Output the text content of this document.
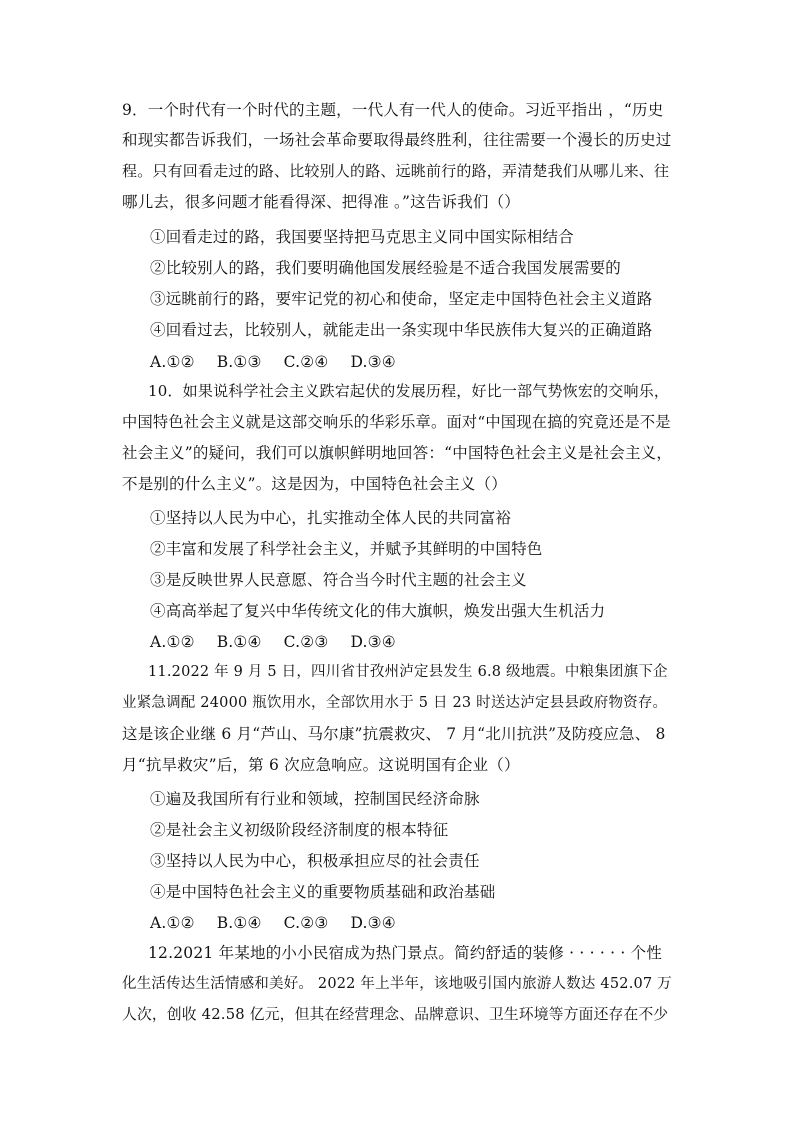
9．一个时代有一个时代的主题，一代人有一代人的使命。习近平指出 ，“历史
和现实都告诉我们，一场社会革命要取得最终胜利，往往需要一个漫长的历史过
程。只有回看走过的路、比较别人的路、远眺前行的路，弄清楚我们从哪儿来、往
哪儿去，很多问题才能看得深、把得准 。”这告诉我们（）
①回看走过的路，我国要坚持把马克思主义同中国实际相结合
②比较别人的路，我们要明确他国发展经验是不适合我国发展需要的
③远眺前行的路，要牢记党的初心和使命，坚定走中国特色社会主义道路
④回看过去，比较别人，就能走出一条实现中华民族伟大复兴的正确道路
A.①② B.①③ C.②④ D.③④
10．如果说科学社会主义跌宕起伏的发展历程，好比一部气势恢宏的交响乐，
中国特色社会主义就是这部交响乐的华彩乐章。面对“中国现在搞的究竟还是不是
社会主义”的疑问，我们可以旗帜鲜明地回答：“中国特色社会主义是社会主义，
不是别的什么主义”。这是因为，中国特色社会主义（）
①坚持以人民为中心，扎实推动全体人民的共同富裕
②丰富和发展了科学社会主义，并赋予其鲜明的中国特色
③是反映世界人民意愿、符合当今时代主题的社会主义
④高高举起了复兴中华传统文化的伟大旗帜，焕发出强大生机活力
A.①② B.①④ C.②③ D.③④
11.2022 年 9 月 5 日，四川省甘孜州泸定县发生 6.8 级地震。中粮集团旗下企
业紧急调配 24000 瓶饮用水，全部饮用水于 5 日 23 时送达泸定县县政府物资存。
这是该企业继 6 月“芦山、马尔康”抗震救灾、 7 月“北川抗洪”及防疫应急、 8
月“抗旱救灾”后，第 6 次应急响应。这说明国有企业（）
①遍及我国所有行业和领域，控制国民经济命脉
②是社会主义初级阶段经济制度的根本特征
③坚持以人民为中心，积极承担应尽的社会责任
④是中国特色社会主义的重要物质基础和政治基础
A.①② B.①④ C.②③ D.③④
12.2021 年某地的小小民宿成为热门景点。简约舒适的装修 · · · · · · 个性
化生活传达生活情感和美好。 2022 年上半年，该地吸引国内旅游人数达 452.07 万
人次，创收 42.58 亿元，但其在经营理念、品牌意识、卫生环境等方面还存在不少
